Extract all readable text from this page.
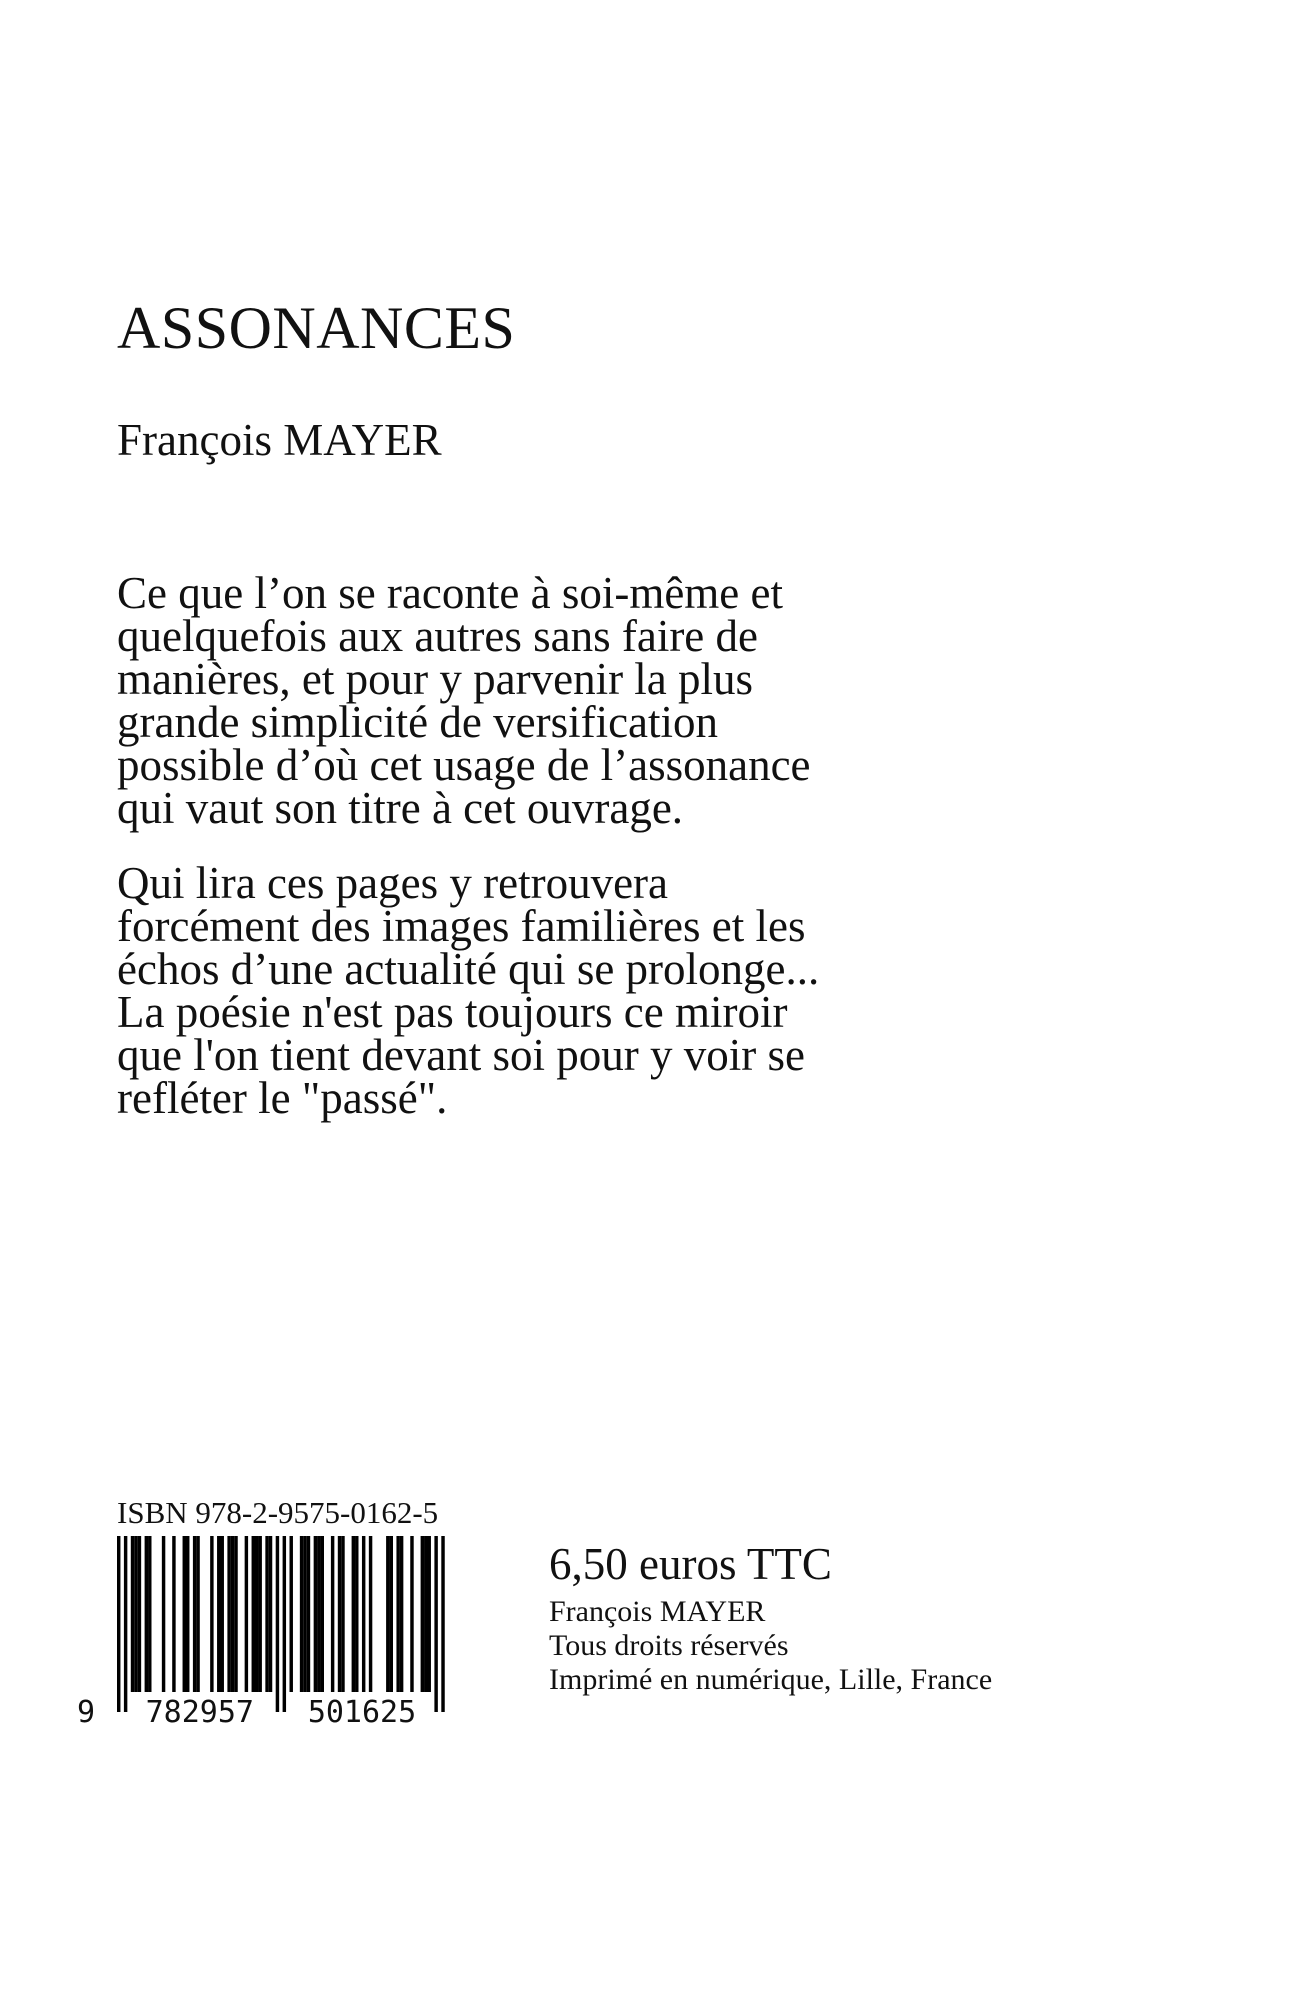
ASSONANCES
François MAYER
Ce que l’on se raconte à soi-même et
quelquefois aux autres sans faire de
manières, et pour y parvenir la plus
grande simplicité de versification
possible d’où cet usage de l’assonance
qui vaut son titre à cet ouvrage.
Qui lira ces pages y retrouvera
forcément des images familières et les
échos d’une actualité qui se prolonge...
La poésie n'est pas toujours ce miroir
que l'on tient devant soi pour y voir se
refléter le "passé".
ISBN 978-2-9575-0162-5
9 782957 501625
6,50 euros TTC
François MAYER
Tous droits réservés
Imprimé en numérique, Lille, France
